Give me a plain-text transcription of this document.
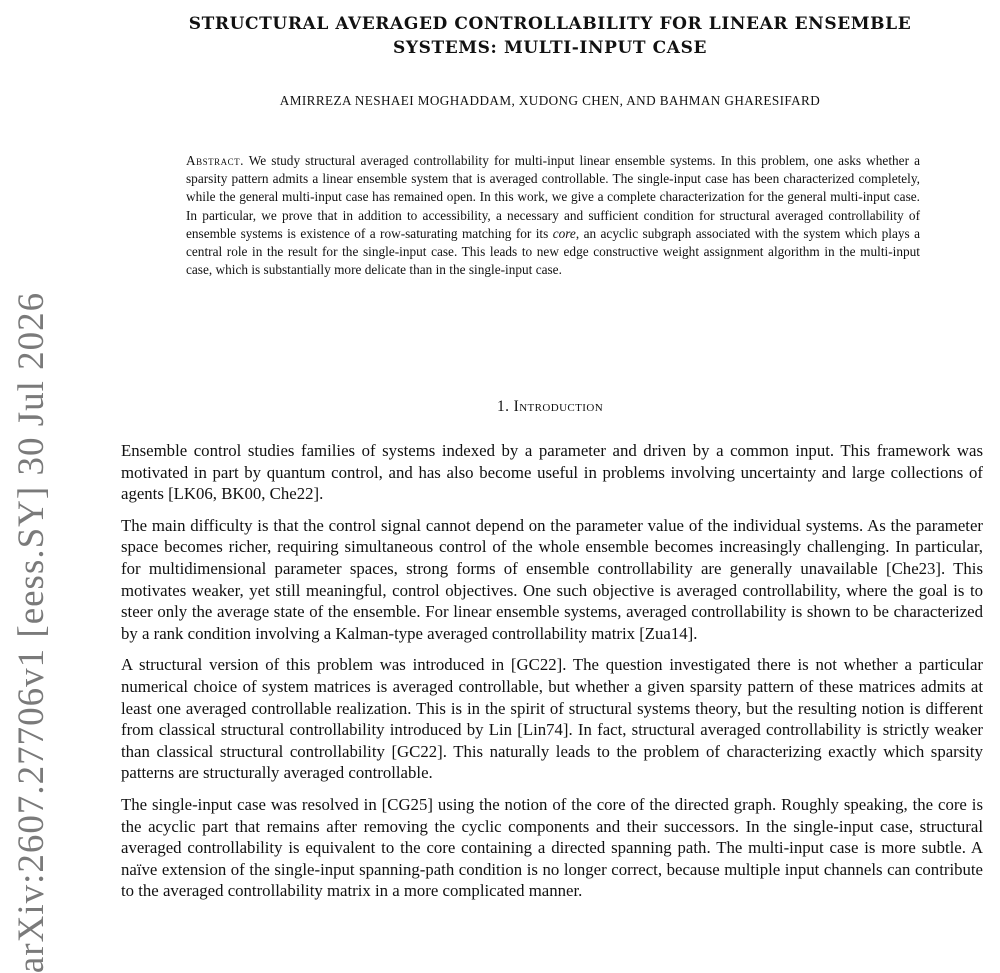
arXiv:2607.27706v1 [eess.SY] 30 Jul 2026
STRUCTURAL AVERAGED CONTROLLABILITY FOR LINEAR ENSEMBLE
SYSTEMS: MULTI-INPUT CASE
AMIRREZA NESHAEI MOGHADDAM, XUDONG CHEN, AND BAHMAN GHARESIFARD
Abstract. We study structural averaged controllability for multi-input linear ensemble systems. In this problem, one asks whether a sparsity pattern admits a linear ensemble system that is averaged controllable. The single-input case has been characterized completely, while the general multi-input case has remained open. In this work, we give a complete characterization for the general multi-input case. In particular, we prove that in addition to accessibility, a necessary and sufficient condition for structural averaged controllability of ensemble systems is existence of a row-saturating matching for its core, an acyclic subgraph associated with the system which plays a central role in the result for the single-input case. This leads to new edge constructive weight assignment algorithm in the multi-input case, which is substantially more delicate than in the single-input case.
1. Introduction

Ensemble control studies families of systems indexed by a parameter and driven by a common input. This framework was motivated in part by quantum control, and has also become useful in problems involving uncertainty and large collections of agents [LK06, BK00, Che22].

The main difficulty is that the control signal cannot depend on the parameter value of the individual systems. As the parameter space becomes richer, requiring simultaneous control of the whole ensemble becomes increasingly challenging. In particular, for multidimensional parameter spaces, strong forms of ensemble controllability are generally unavailable [Che23]. This motivates weaker, yet still meaningful, control objectives. One such objective is averaged controllability, where the goal is to steer only the average state of the ensemble. For linear ensemble systems, averaged controllability is shown to be characterized by a rank condition involving a Kalman-type averaged controllability matrix [Zua14].

A structural version of this problem was introduced in [GC22]. The question investigated there is not whether a particular numerical choice of system matrices is averaged controllable, but whether a given sparsity pattern of these matrices admits at least one averaged controllable realization. This is in the spirit of structural systems theory, but the resulting notion is different from classical structural controllability introduced by Lin [Lin74]. In fact, structural averaged controllability is strictly weaker than classical structural controllability [GC22]. This naturally leads to the problem of characterizing exactly which sparsity patterns are structurally averaged controllable.

The single-input case was resolved in [CG25] using the notion of the core of the directed graph. Roughly speaking, the core is the acyclic part that remains after removing the cyclic components and their successors. In the single-input case, structural averaged controllability is equivalent to the core containing a directed spanning path. The multi-input case is more subtle. A naïve extension of the single-input spanning-path condition is no longer correct, because multiple input channels can contribute to the averaged controllability matrix in a more complicated manner.
